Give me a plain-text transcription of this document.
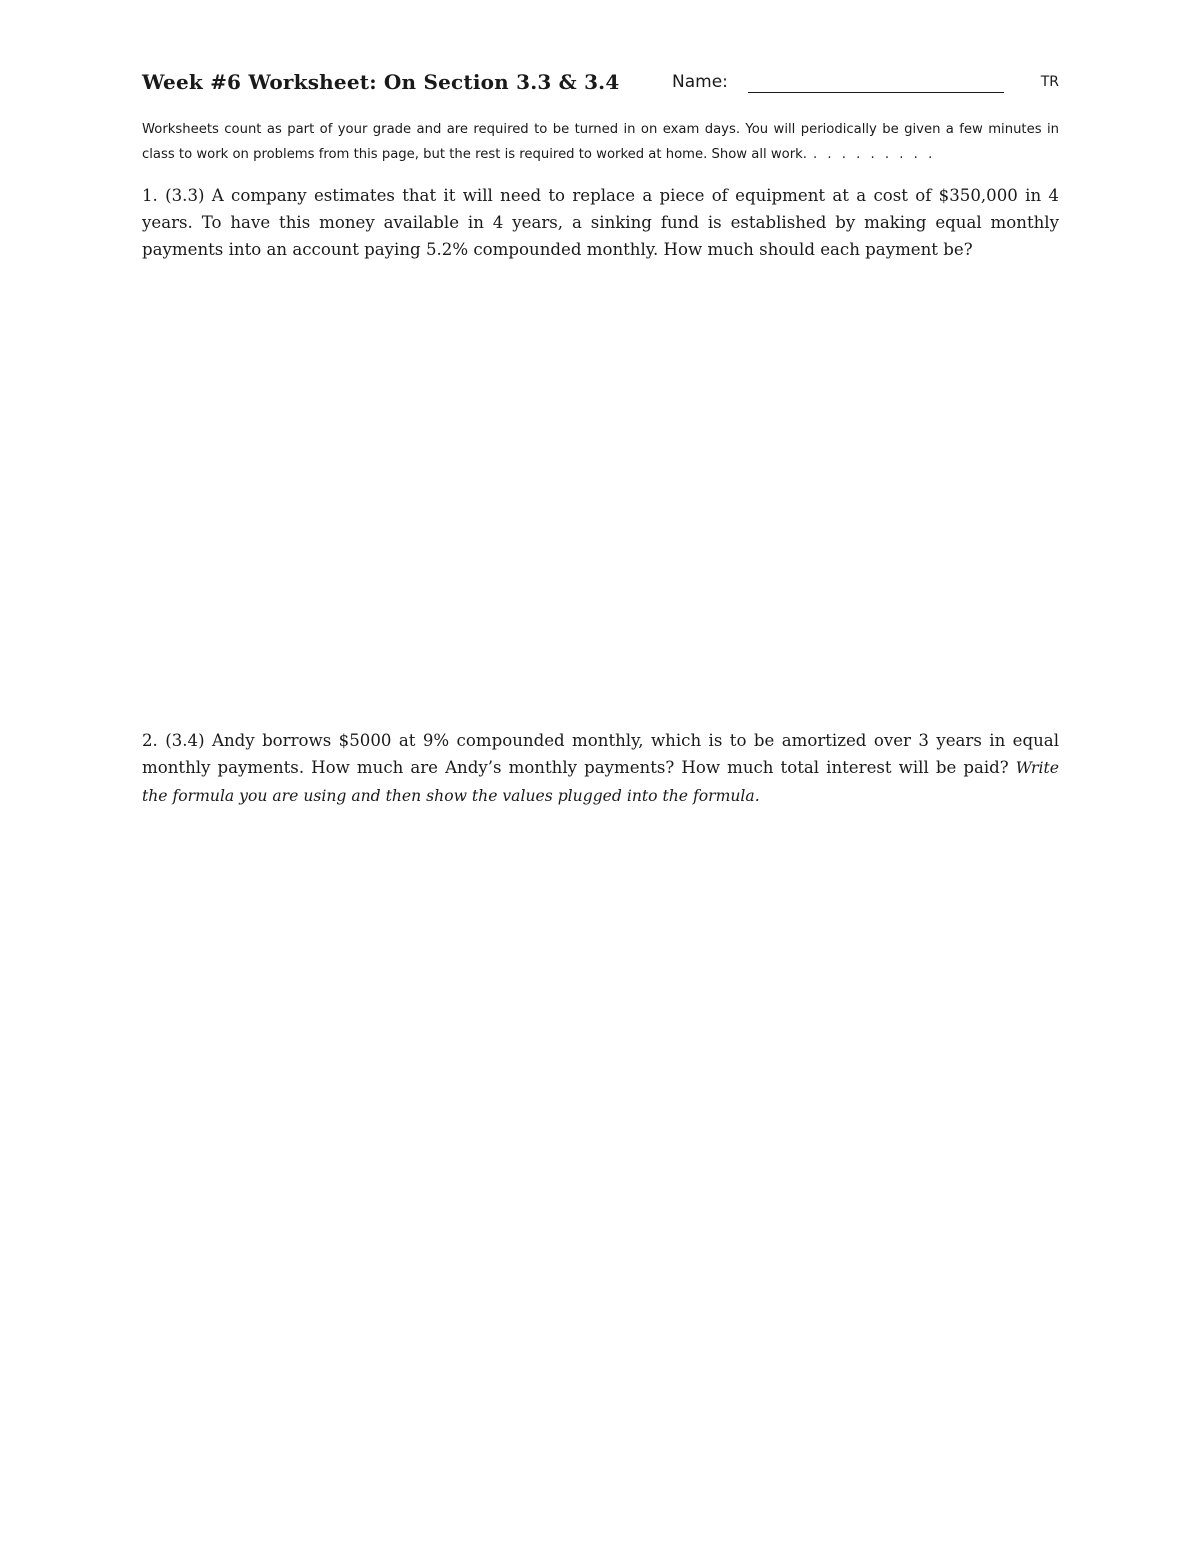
Week #6 Worksheet: On Section 3.3 & 3.4	Name:	TR
Worksheets count as part of your grade and are required to be turned in on exam days. You will periodically be given a few minutes in class to work on problems from this page, but the rest is required to worked at home. Show all work. . . . . . . . . .
1. (3.3) A company estimates that it will need to replace a piece of equipment at a cost of $350,000 in 4 years. To have this money available in 4 years, a sinking fund is established by making equal monthly payments into an account paying 5.2% compounded monthly. How much should each payment be?
2. (3.4) Andy borrows $5000 at 9% compounded monthly, which is to be amortized over 3 years in equal monthly payments. How much are Andy’s monthly payments? How much total interest will be paid? Write the formula you are using and then show the values plugged into the formula.
